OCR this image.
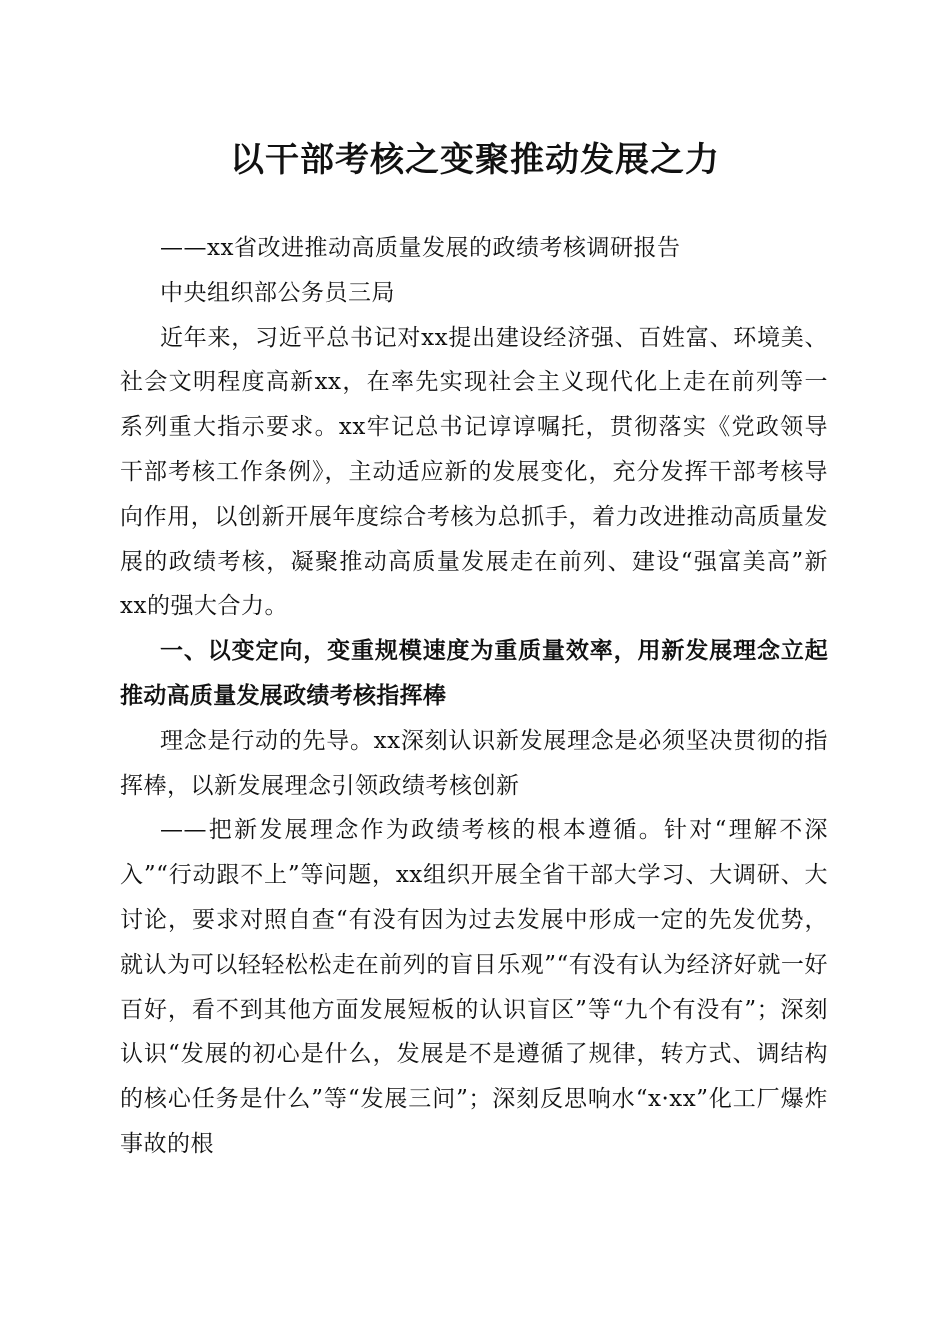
以干部考核之变聚推动发展之力

——xx省改进推动高质量发展的政绩考核调研报告

中央组织部公务员三局

近年来，习近平总书记对xx提出建设经济强、百姓富、环境美、社会文明程度高新xx，在率先实现社会主义现代化上走在前列等一系列重大指示要求。xx牢记总书记谆谆嘱托，贯彻落实《党政领导干部考核工作条例》，主动适应新的发展变化，充分发挥干部考核导向作用，以创新开展年度综合考核为总抓手，着力改进推动高质量发展的政绩考核，凝聚推动高质量发展走在前列、建设“强富美高”新xx的强大合力。

一、以变定向，变重规模速度为重质量效率，用新发展理念立起推动高质量发展政绩考核指挥棒

理念是行动的先导。xx深刻认识新发展理念是必须坚决贯彻的指挥棒，以新发展理念引领政绩考核创新

——把新发展理念作为政绩考核的根本遵循。针对“理解不深入”“行动跟不上”等问题，xx组织开展全省干部大学习、大调研、大讨论，要求对照自查“有没有因为过去发展中形成一定的先发优势，就认为可以轻轻松松走在前列的盲目乐观”“有没有认为经济好就一好百好，看不到其他方面发展短板的认识盲区”等“九个有没有”；深刻认识“发展的初心是什么，发展是不是遵循了规律，转方式、调结构的核心任务是什么”等“发展三问”；深刻反思响水“x·xx”化工厂爆炸事故的根
